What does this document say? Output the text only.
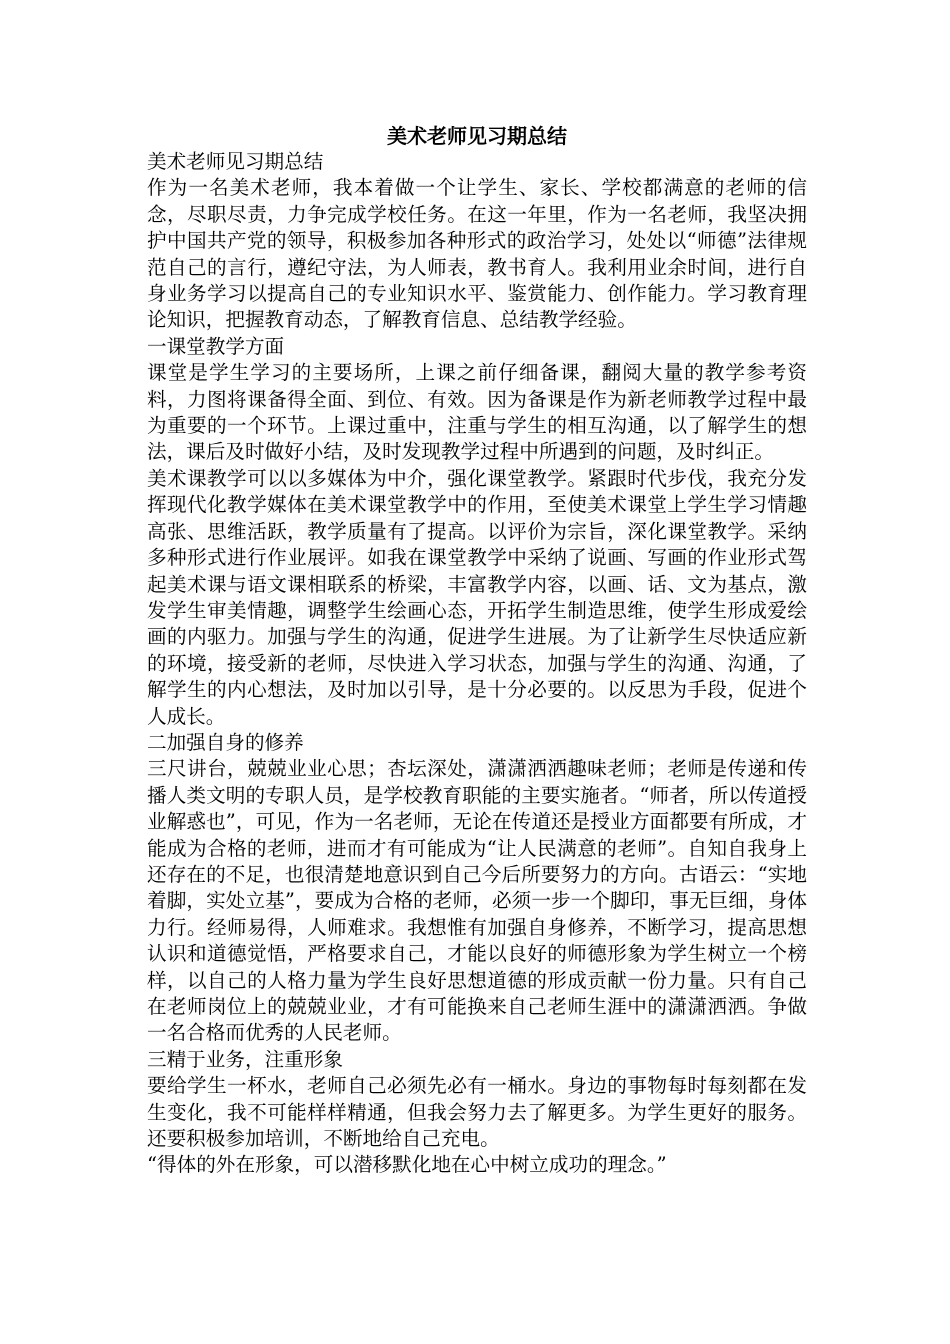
美术老师见习期总结

美术老师见习期总结

作为一名美术老师，我本着做一个让学生、家长、学校都满意的老师的信念，尽职尽责，力争完成学校任务。在这一年里，作为一名老师，我坚决拥护中国共产党的领导，积极参加各种形式的政治学习，处处以“师德”法律规范自己的言行，遵纪守法，为人师表，教书育人。我利用业余时间，进行自身业务学习以提高自己的专业知识水平、鉴赏能力、创作能力。学习教育理论知识，把握教育动态，了解教育信息、总结教学经验。

一课堂教学方面

课堂是学生学习的主要场所，上课之前仔细备课，翻阅大量的教学参考资料，力图将课备得全面、到位、有效。因为备课是作为新老师教学过程中最为重要的一个环节。上课过重中，注重与学生的相互沟通，以了解学生的想法，课后及时做好小结，及时发现教学过程中所遇到的问题，及时纠正。

美术课教学可以以多媒体为中介，强化课堂教学。紧跟时代步伐，我充分发挥现代化教学媒体在美术课堂教学中的作用，至使美术课堂上学生学习情趣高张、思维活跃，教学质量有了提高。以评价为宗旨，深化课堂教学。采纳多种形式进行作业展评。如我在课堂教学中采纳了说画、写画的作业形式驾起美术课与语文课相联系的桥梁，丰富教学内容，以画、话、文为基点，激发学生审美情趣，调整学生绘画心态，开拓学生制造思维，使学生形成爱绘画的内驱力。加强与学生的沟通，促进学生进展。为了让新学生尽快适应新的环境，接受新的老师，尽快进入学习状态，加强与学生的沟通、沟通，了解学生的内心想法，及时加以引导，是十分必要的。以反思为手段，促进个人成长。

二加强自身的修养

三尺讲台，兢兢业业心思；杏坛深处，潇潇洒洒趣味老师；老师是传递和传播人类文明的专职人员，是学校教育职能的主要实施者。“师者，所以传道授业解惑也”，可见，作为一名老师，无论在传道还是授业方面都要有所成，才能成为合格的老师，进而才有可能成为“让人民满意的老师”。自知自我身上还存在的不足，也很清楚地意识到自己今后所要努力的方向。古语云：“实地着脚，实处立基”，要成为合格的老师，必须一步一个脚印，事无巨细，身体力行。经师易得，人师难求。我想惟有加强自身修养，不断学习，提高思想认识和道德觉悟，严格要求自己，才能以良好的师德形象为学生树立一个榜样，以自己的人格力量为学生良好思想道德的形成贡献一份力量。只有自己在老师岗位上的兢兢业业，才有可能换来自己老师生涯中的潇潇洒洒。争做一名合格而优秀的人民老师。

三精于业务，注重形象

要给学生一杯水，老师自己必须先必有一桶水。身边的事物每时每刻都在发生变化，我不可能样样精通，但我会努力去了解更多。为学生更好的服务。还要积极参加培训，不断地给自己充电。

“得体的外在形象，可以潜移默化地在心中树立成功的理念。”
